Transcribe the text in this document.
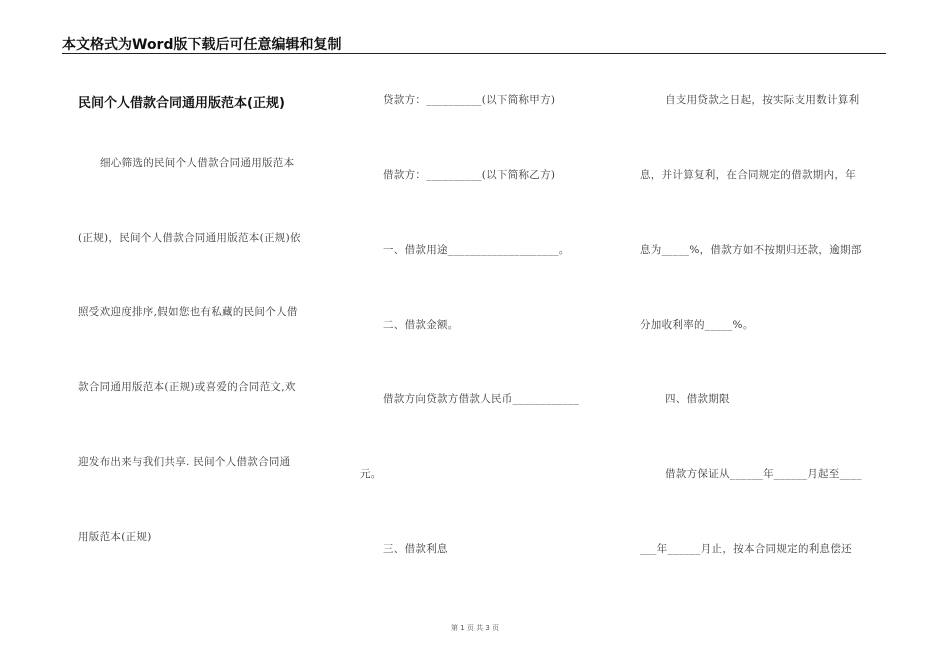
本文格式为Word版下载后可任意编辑和复制
民间个人借款合同通用版范本(正规)
细心筛选的民间个人借款合同通用版范本
(正规)，民间个人借款合同通用版范本(正规)依
照受欢迎度排序,假如您也有私藏的民间个人借
款合同通用版范本(正规)或喜爱的合同范文,欢
迎发布出来与我们共享. 民间个人借款合同通
用版范本(正规)
贷款方：__________(以下简称甲方)
借款方：__________(以下简称乙方)
一、借款用途____________________。
二、借款金额。
借款方向贷款方借款人民币____________
元。
三、借款利息
自支用贷款之日起，按实际支用数计算利
息，并计算复利，在合同规定的借款期内，年
息为_____%，借款方如不按期归还款，逾期部
分加收利率的_____%。
四、借款期限
借款方保证从______年______月起至____
___年______月止，按本合同规定的利息偿还
第 1 页 共 3 页
